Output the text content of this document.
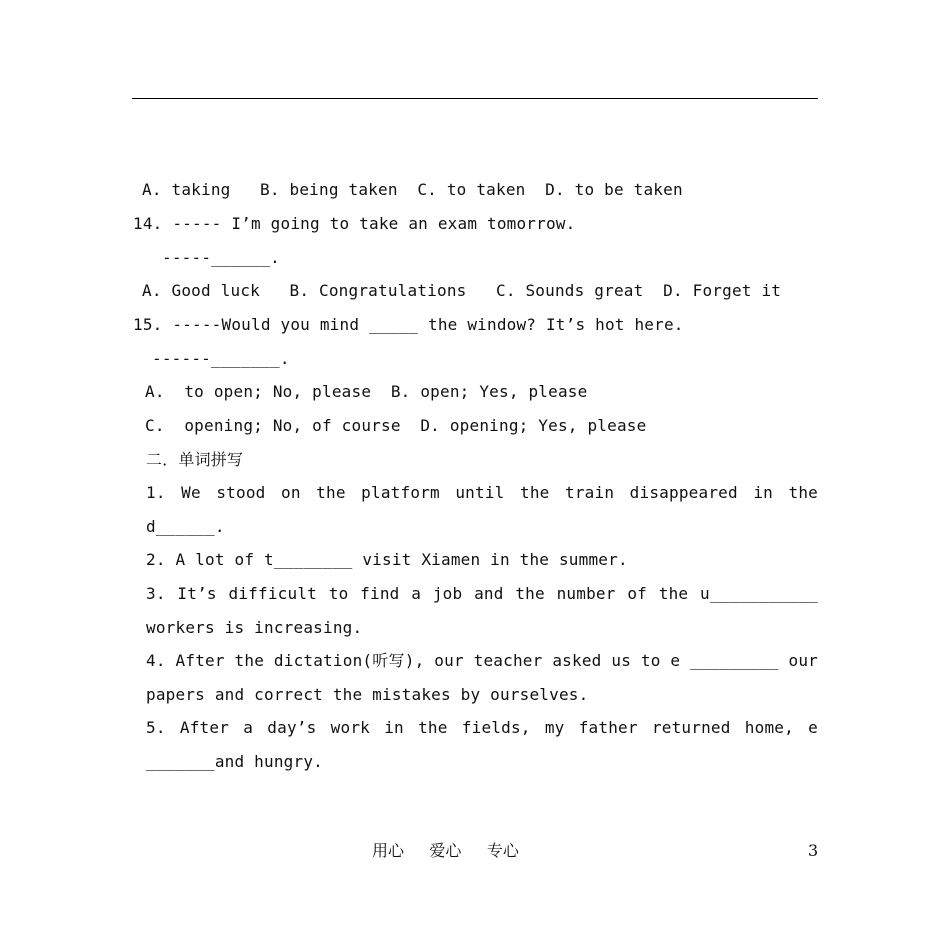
A. taking   B. being taken  C. to taken  D. to be taken
14. ----- I’m going to take an exam tomorrow.
-----______.
A. Good luck   B. Congratulations   C. Sounds great  D. Forget it
15. -----Would you mind _____ the window? It’s hot here.
------_______.
A.  to open; No, please  B. open; Yes, please
C.  opening; No, of course  D. opening; Yes, please
二．单词拼写
1. We stood on the platform until the train disappeared in the
d______.
2. A lot of t________ visit Xiamen in the summer.
3. It’s difficult to find a job and the number of the u___________
workers is increasing.
4. After the dictation(听写), our teacher asked us to e _________ our
papers and correct the mistakes by ourselves.
5. After a day’s work in the fields, my father returned home, e
_______and hungry.
用心     爱心     专心	3
